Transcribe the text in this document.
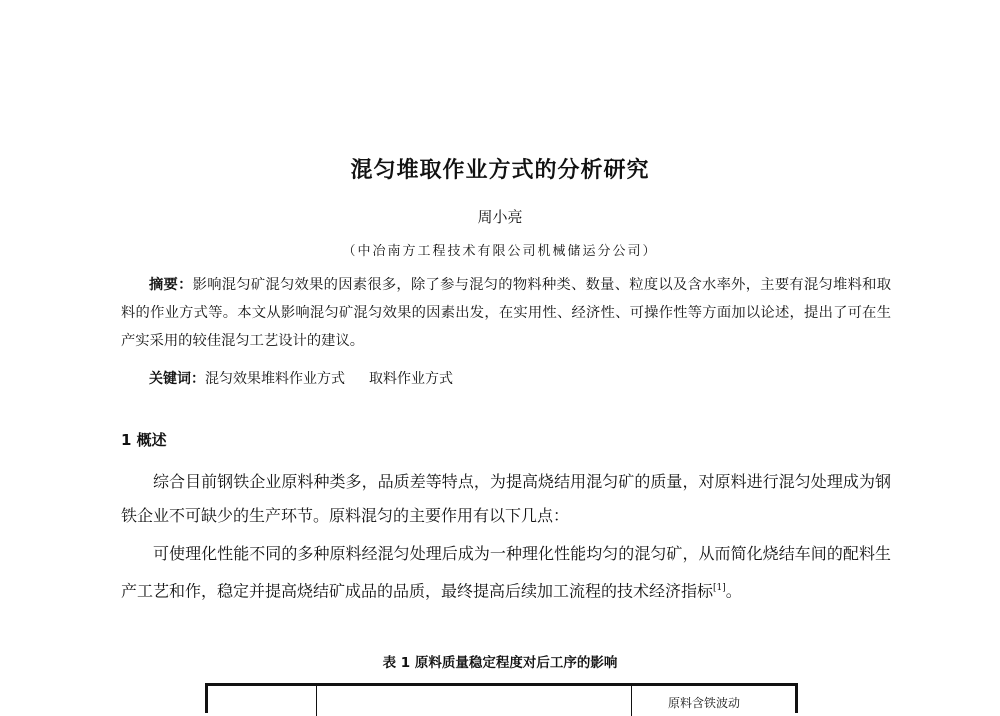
混匀堆取作业方式的分析研究
周小亮
（中冶南方工程技术有限公司机械储运分公司）

摘要：影响混匀矿混匀效果的因素很多，除了参与混匀的物料种类、数量、粒度以及含水率外，主要有混匀堆料和取料的作业方式等。本文从影响混匀矿混匀效果的因素出发，在实用性、经济性、可操作性等方面加以论述，提出了可在生产实采用的较佳混匀工艺设计的建议。

关键词：混匀效果堆料作业方式 取料作业方式
1 概述

综合目前钢铁企业原料种类多，品质差等特点，为提高烧结用混匀矿的质量，对原料进行混匀处理成为钢铁企业不可缺少的生产环节。原料混匀的主要作用有以下几点：

可使理化性能不同的多种原料经混匀处理后成为一种理化性能均匀的混匀矿，从而简化烧结车间的配料生产工艺和作，稳定并提高烧结矿成品的品质，最终提高后续加工流程的技术经济指标[1]。

表 1 原料质量稳定程度对后工序的影响
原料含铁波动
